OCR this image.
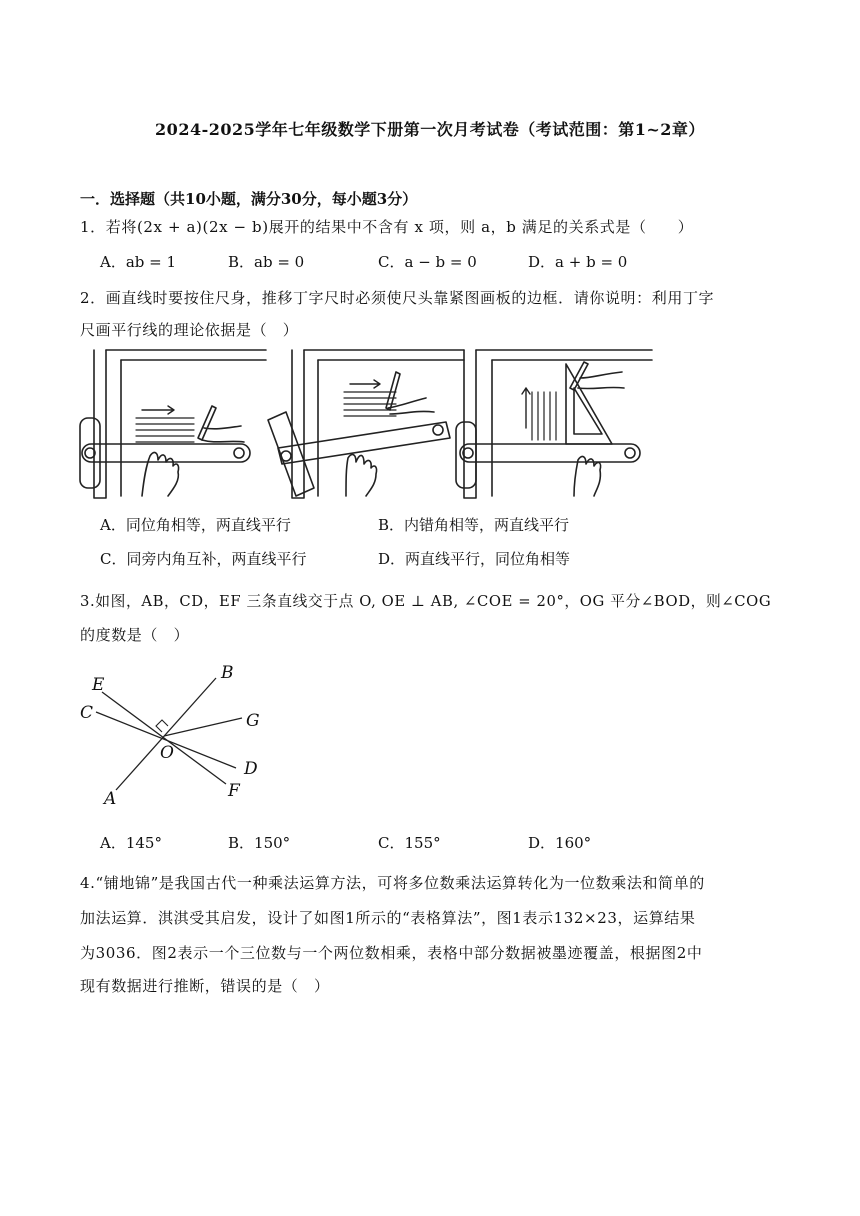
2024-2025学年七年级数学下册第一次月考试卷（考试范围：第1~2章）
一．选择题（共10小题，满分30分，每小题3分）
1．若将(2x + a)(2x − b)展开的结果中不含有 x 项，则 a，b 满足的关系式是（　　）
A．ab = 1	B．ab = 0	C．a − b = 0	D．a + b = 0
2．画直线时要按住尺身，推移丁字尺时必须使尺头靠紧图画板的边框．请你说明：利用丁字
尺画平行线的理论依据是（　）
A．同位角相等，两直线平行	B．内错角相等，两直线平行
C．同旁内角互补，两直线平行	D．两直线平行，同位角相等
3.如图，AB，CD，EF 三条直线交于点 O, OE ⊥ AB, ∠COE = 20°，OG 平分∠BOD，则∠COG
的度数是（　）
B
E
C	G
O
D
F
A
A．145°	B．150°	C．155°	D．160°
4.“铺地锦”是我国古代一种乘法运算方法，可将多位数乘法运算转化为一位数乘法和简单的
加法运算．淇淇受其启发，设计了如图1所示的“表格算法”，图1表示132×23，运算结果
为3036．图2表示一个三位数与一个两位数相乘，表格中部分数据被墨迹覆盖，根据图2中
现有数据进行推断，错误的是（　）
